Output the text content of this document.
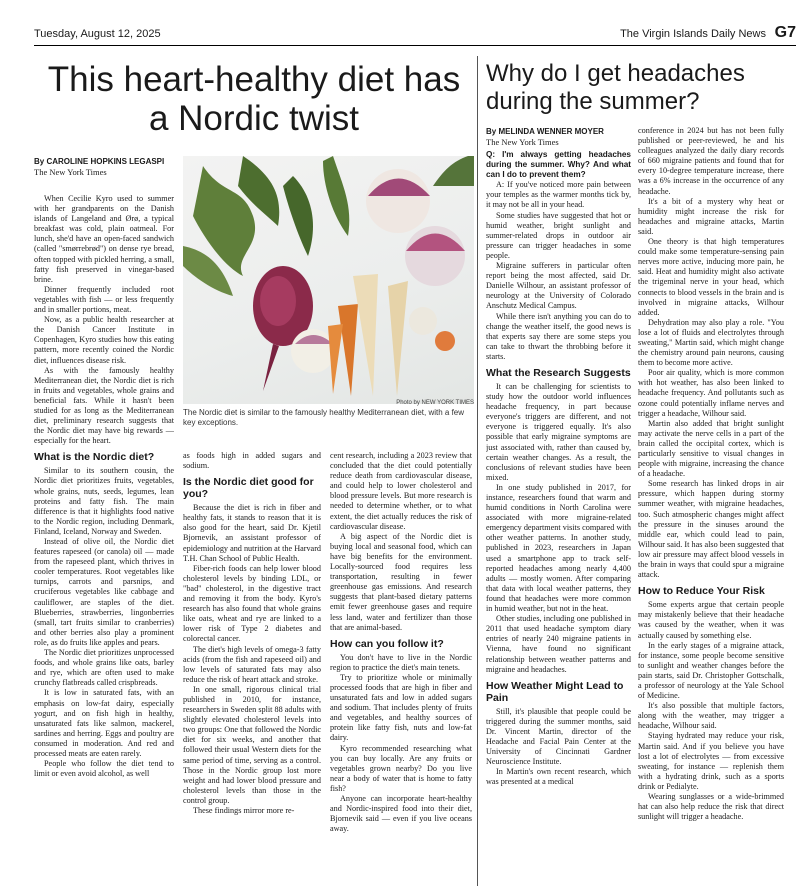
Tuesday, August 12, 2025	The Virgin Islands Daily News G7
This heart-healthy diet has a Nordic twist
By CAROLINE HOPKINS LEGASPI
The New York Times
Photo by NEW YORK TIMES
The Nordic diet is similar to the famously healthy Mediterranean diet, with a few key exceptions.

When Cecilie Kyro used to summer with her grandparents on the Danish islands of Langeland and Ørø, a typical breakfast was cold, plain oatmeal. For lunch, she'd have an open-faced sandwich (called "smørrebrød") on dense rye bread, often topped with pickled herring, a small, fatty fish preserved in vinegar-based brine.

Dinner frequently included root vegetables with fish — or less frequently and in smaller portions, meat.

Now, as a public health researcher at the Danish Cancer Institute in Copenhagen, Kyro studies how this eating pattern, more recently coined the Nordic diet, influences disease risk.

As with the famously healthy Mediterranean diet, the Nordic diet is rich in fruits and vegetables, whole grains and beneficial fats. While it hasn't been studied for as long as the Mediterranean diet, preliminary research suggests that the Nordic diet may have big rewards — especially for the heart.

What is the Nordic diet?

Similar to its southern cousin, the Nordic diet prioritizes fruits, vegetables, whole grains, nuts, seeds, legumes, lean proteins and fatty fish. The main difference is that it highlights food native to the Nordic region, including Denmark, Finland, Iceland, Norway and Sweden.

Instead of olive oil, the Nordic diet features rapeseed (or canola) oil — made from the rapeseed plant, which thrives in cooler temperatures. Root vegetables like turnips, carrots and parsnips, and cruciferous vegetables like cabbage and cauliflower, are staples of the diet. Blueberries, strawberries, lingonberries (small, tart fruits similar to cranberries) and other berries also play a prominent role, as do fruits like apples and pears.

The Nordic diet prioritizes unprocessed foods, and whole grains like oats, barley and rye, which are often used to make crunchy flatbreads called crispbreads.

It is low in saturated fats, with an emphasis on low-fat dairy, especially yogurt, and on fish high in healthy, unsaturated fats like salmon, mackerel, sardines and herring. Eggs and poultry are consumed in moderation. And red and processed meats are eaten rarely.

People who follow the diet tend to limit or even avoid alcohol, as well

as foods high in added sugars and sodium.

Is the Nordic diet good for you?

Because the diet is rich in fiber and healthy fats, it stands to reason that it is also good for the heart, said Dr. Kjetil Bjornevik, an assistant professor of epidemiology and nutrition at the Harvard T.H. Chan School of Public Health.

Fiber-rich foods can help lower blood cholesterol levels by binding LDL, or "bad" cholesterol, in the digestive tract and removing it from the body. Kyro's research has also found that whole grains like oats, wheat and rye are linked to a lower risk of Type 2 diabetes and colorectal cancer.

The diet's high levels of omega-3 fatty acids (from the fish and rapeseed oil) and low levels of saturated fats may also reduce the risk of heart attack and stroke.

In one small, rigorous clinical trial published in 2010, for instance, researchers in Sweden split 88 adults with slightly elevated cholesterol levels into two groups: One that followed the Nordic diet for six weeks, and another that followed their usual Western diets for the same period of time, serving as a control. Those in the Nordic group lost more weight and had lower blood pressure and cholesterol levels than those in the control group.

These findings mirror more re-

cent research, including a 2023 review that concluded that the diet could potentially reduce death from cardiovascular disease, and could help to lower cholesterol and blood pressure levels. But more research is needed to determine whether, or to what extent, the diet actually reduces the risk of cardiovascular disease.

A big aspect of the Nordic diet is buying local and seasonal food, which can have big benefits for the environment. Locally-sourced food requires less transportation, resulting in fewer greenhouse gas emissions. And research suggests that plant-based dietary patterns emit fewer greenhouse gases and require less land, water and fertilizer than those that are animal-based.

How can you follow it?

You don't have to live in the Nordic region to practice the diet's main tenets.

Try to prioritize whole or minimally processed foods that are high in fiber and unsaturated fats and low in added sugars and sodium. That includes plenty of fruits and vegetables, and healthy sources of protein like fatty fish, nuts and low-fat dairy.

Kyro recommended researching what you can buy locally. Are any fruits or vegetables grown nearby? Do you live near a body of water that is home to fatty fish?

Anyone can incorporate heart-healthy and Nordic-inspired food into their diet, Bjornevik said — even if you live oceans away.

Why do I get headaches during the summer?
By MELINDA WENNER MOYER
The New York Times

Q: I'm always getting headaches during the summer. Why? And what can I do to prevent them?

A: If you've noticed more pain between your temples as the warmer months tick by, it may not be all in your head.

Some studies have suggested that hot or humid weather, bright sunlight and summer-related drops in outdoor air pressure can trigger headaches in some people.

Migraine sufferers in particular often report being the most affected, said Dr. Danielle Wilhour, an assistant professor of neurology at the University of Colorado Anschutz Medical Campus.

While there isn't anything you can do to change the weather itself, the good news is that experts say there are some steps you can take to thwart the throbbing before it starts.

What the Research Suggests

It can be challenging for scientists to study how the outdoor world influences headache frequency, in part because everyone's triggers are different, and not everyone is triggered equally. It's also possible that early migraine symptoms are just associated with, rather than caused by, certain weather changes. As a result, the conclusions of relevant studies have been mixed.

In one study published in 2017, for instance, researchers found that warm and humid conditions in North Carolina were associated with more migraine-related emergency department visits compared with other weather patterns. In another study, published in 2023, researchers in Japan used a smartphone app to track self-reported headaches among nearly 4,400 adults — mostly women. After comparing that data with local weather patterns, they found that headaches were more common in humid weather, but not in the heat.

Other studies, including one published in 2011 that used headache symptom diary entries of nearly 240 migraine patients in Vienna, have found no significant relationship between weather patterns and migraine and headaches.

How Weather Might Lead to Pain

Still, it's plausible that people could be triggered during the summer months, said Dr. Vincent Martin, director of the Headache and Facial Pain Center at the University of Cincinnati Gardner Neuroscience Institute.

In Martin's own recent research, which was presented at a medical

conference in 2024 but has not been fully published or peer-reviewed, he and his colleagues analyzed the daily diary records of 660 migraine patients and found that for every 10-degree temperature increase, there was a 6% increase in the occurrence of any headache.

It's a bit of a mystery why heat or humidity might increase the risk for headaches and migraine attacks, Martin said.

One theory is that high temperatures could make some temperature-sensing pain nerves more active, inducing more pain, he said. Heat and humidity might also activate the trigeminal nerve in your head, which connects to blood vessels in the brain and is involved in migraine attacks, Wilhour added.

Dehydration may also play a role. "You lose a lot of fluids and electrolytes through sweating," Martin said, which might change the chemistry around pain neurons, causing them to become more active.

Poor air quality, which is more common with hot weather, has also been linked to headache frequency. And pollutants such as ozone could potentially inflame nerves and trigger a headache, Wilhour said.

Martin also added that bright sunlight may activate the nerve cells in a part of the brain called the occipital cortex, which is particularly sensitive to visual changes in people with migraine, increasing the chance of a headache.

Some research has linked drops in air pressure, which happen during stormy summer weather, with migraine headaches, too. Such atmospheric changes might affect the pressure in the sinuses around the middle ear, which could lead to pain, Wilhour said. It has also been suggested that low air pressure may affect blood vessels in the brain in ways that could spur a migraine attack.

How to Reduce Your Risk

Some experts argue that certain people may mistakenly believe that their headache was caused by the weather, when it was actually caused by something else.

In the early stages of a migraine attack, for instance, some people become sensitive to sunlight and weather changes before the pain starts, said Dr. Christopher Gottschalk, a professor of neurology at the Yale School of Medicine.

It's also possible that multiple factors, along with the weather, may trigger a headache, Wilhour said.

Staying hydrated may reduce your risk, Martin said. And if you believe you have lost a lot of electrolytes — from excessive sweating, for instance — replenish them with a hydrating drink, such as a sports drink or Pedialyte.

Wearing sunglasses or a wide-brimmed hat can also help reduce the risk that direct sunlight will trigger a headache.
